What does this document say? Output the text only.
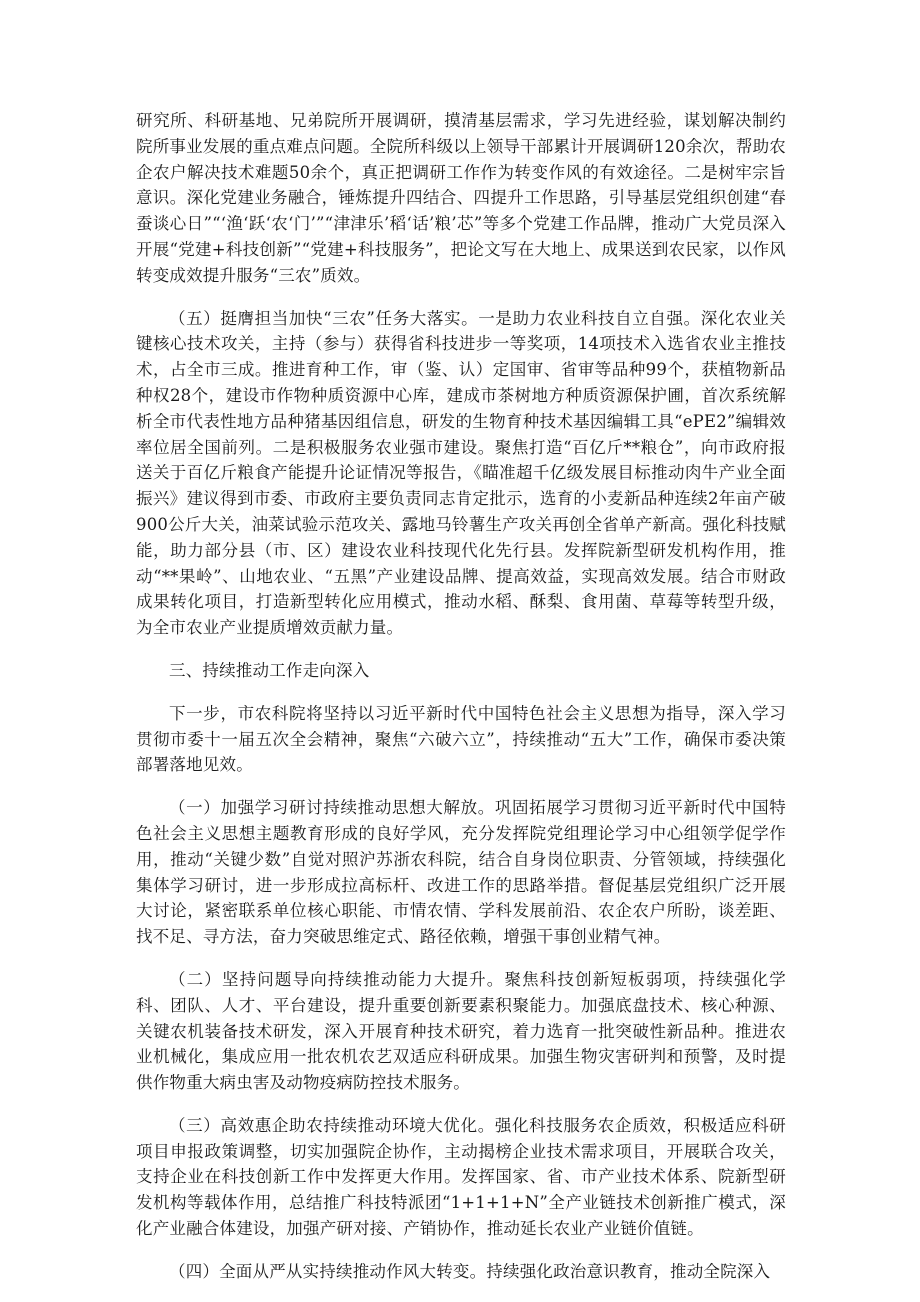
研究所、科研基地、兄弟院所开展调研，摸清基层需求，学习先进经验，谋划解决制约院所事业发展的重点难点问题。全院所科级以上领导干部累计开展调研120余次，帮助农企农户解决技术难题50余个，真正把调研工作作为转变作风的有效途径。二是树牢宗旨意识。深化党建业务融合，锤炼提升四结合、四提升工作思路，引导基层党组织创建“春蚕谈心日”“‘渔‘跃‘农‘门’”“津津乐’稻‘话’粮’芯”等多个党建工作品牌，推动广大党员深入开展“党建+科技创新”“党建+科技服务”，把论文写在大地上、成果送到农民家，以作风转变成效提升服务“三农”质效。

（五）挺膺担当加快“三农”任务大落实。一是助力农业科技自立自强。深化农业关键核心技术攻关，主持（参与）获得省科技进步一等奖项，14项技术入选省农业主推技术，占全市三成。推进育种工作，审（鉴、认）定国审、省审等品种99个，获植物新品种权28个，建设市作物种质资源中心库，建成市茶树地方种质资源保护圃，首次系统解析全市代表性地方品种猪基因组信息，研发的生物育种技术基因编辑工具“ePE2”编辑效率位居全国前列。二是积极服务农业强市建设。聚焦打造“百亿斤**粮仓”，向市政府报送关于百亿斤粮食产能提升论证情况等报告，《瞄准超千亿级发展目标推动肉牛产业全面振兴》建议得到市委、市政府主要负责同志肯定批示，选育的小麦新品种连续2年亩产破900公斤大关，油菜试验示范攻关、露地马铃薯生产攻关再创全省单产新高。强化科技赋能，助力部分县（市、区）建设农业科技现代化先行县。发挥院新型研发机构作用，推动“**果岭”、山地农业、“五黑”产业建设品牌、提高效益，实现高效发展。结合市财政成果转化项目，打造新型转化应用模式，推动水稻、酥梨、食用菌、草莓等转型升级，为全市农业产业提质增效贡献力量。

三、持续推动工作走向深入

下一步，市农科院将坚持以习近平新时代中国特色社会主义思想为指导，深入学习贯彻市委十一届五次全会精神，聚焦“六破六立”，持续推动“五大”工作，确保市委决策部署落地见效。

（一）加强学习研讨持续推动思想大解放。巩固拓展学习贯彻习近平新时代中国特色社会主义思想主题教育形成的良好学风，充分发挥院党组理论学习中心组领学促学作用，推动“关键少数”自觉对照沪苏浙农科院，结合自身岗位职责、分管领域，持续强化集体学习研讨，进一步形成拉高标杆、改进工作的思路举措。督促基层党组织广泛开展大讨论，紧密联系单位核心职能、市情农情、学科发展前沿、农企农户所盼，谈差距、找不足、寻方法，奋力突破思维定式、路径依赖，增强干事创业精气神。

（二）坚持问题导向持续推动能力大提升。聚焦科技创新短板弱项，持续强化学科、团队、人才、平台建设，提升重要创新要素积聚能力。加强底盘技术、核心种源、关键农机装备技术研发，深入开展育种技术研究，着力选育一批突破性新品种。推进农业机械化，集成应用一批农机农艺双适应科研成果。加强生物灾害研判和预警，及时提供作物重大病虫害及动物疫病防控技术服务。

（三）高效惠企助农持续推动环境大优化。强化科技服务农企质效，积极适应科研项目申报政策调整，切实加强院企协作，主动揭榜企业技术需求项目，开展联合攻关，支持企业在科技创新工作中发挥更大作用。发挥国家、省、市产业技术体系、院新型研发机构等载体作用，总结推广科技特派团“1+1+1+N”全产业链技术创新推广模式，深化产业融合体建设，加强产研对接、产销协作，推动延长农业产业链价值链。

（四）全面从严从实持续推动作风大转变。持续强化政治意识教育，推动全院深入
